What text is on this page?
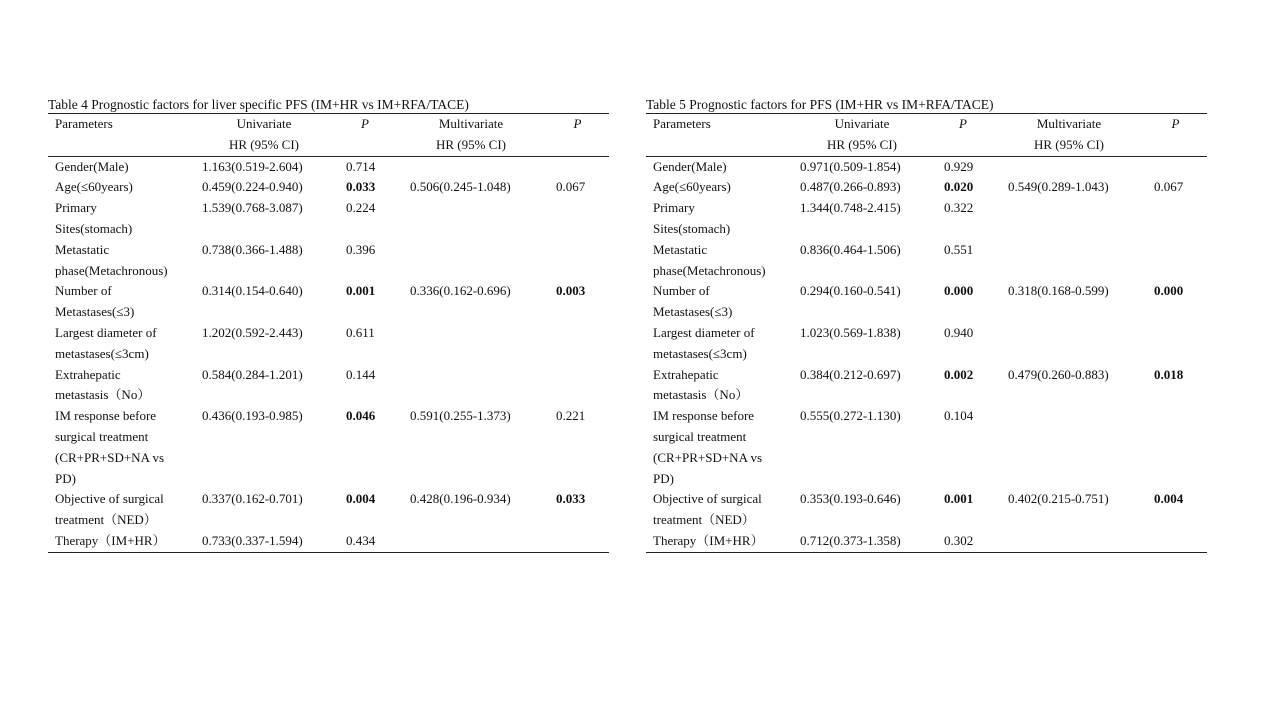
Table 4 Prognostic factors for liver specific PFS (IM+HR vs IM+RFA/TACE)
Parameters	Univariate	P	Multivariate	P
	HR (95% CI)		HR (95% CI)	

Gender(Male)	1.163(0.519-2.604)	0.714		

Age(≤60years)	0.459(0.224-0.940)	0.033	0.506(0.245-1.048)	0.067

Primary
Sites(stomach)	1.539(0.768-3.087)	0.224		

Metastatic
phase(Metachronous)	0.738(0.366-1.488)	0.396		

Number of
Metastases(≤3)	0.314(0.154-0.640)	0.001	0.336(0.162-0.696)	0.003

Largest diameter of
metastases(≤3cm)	1.202(0.592-2.443)	0.611		

Extrahepatic
metastasis（No）	0.584(0.284-1.201)	0.144		

IM response before
surgical treatment
(CR+PR+SD+NA vs
PD)	0.436(0.193-0.985)	0.046	0.591(0.255-1.373)	0.221

Objective of surgical
treatment（NED）	0.337(0.162-0.701)	0.004	0.428(0.196-0.934)	0.033

Therapy（IM+HR）	0.733(0.337-1.594)	0.434		
Table 5 Prognostic factors for PFS (IM+HR vs IM+RFA/TACE)
Parameters	Univariate	P	Multivariate	P
	HR (95% CI)		HR (95% CI)	

Gender(Male)	0.971(0.509-1.854)	0.929		

Age(≤60years)	0.487(0.266-0.893)	0.020	0.549(0.289-1.043)	0.067

Primary
Sites(stomach)	1.344(0.748-2.415)	0.322		

Metastatic
phase(Metachronous)	0.836(0.464-1.506)	0.551		

Number of
Metastases(≤3)	0.294(0.160-0.541)	0.000	0.318(0.168-0.599)	0.000

Largest diameter of
metastases(≤3cm)	1.023(0.569-1.838)	0.940		

Extrahepatic
metastasis（No）	0.384(0.212-0.697)	0.002	0.479(0.260-0.883)	0.018

IM response before
surgical treatment
(CR+PR+SD+NA vs
PD)	0.555(0.272-1.130)	0.104		

Objective of surgical
treatment（NED）	0.353(0.193-0.646)	0.001	0.402(0.215-0.751)	0.004

Therapy（IM+HR）	0.712(0.373-1.358)	0.302		
